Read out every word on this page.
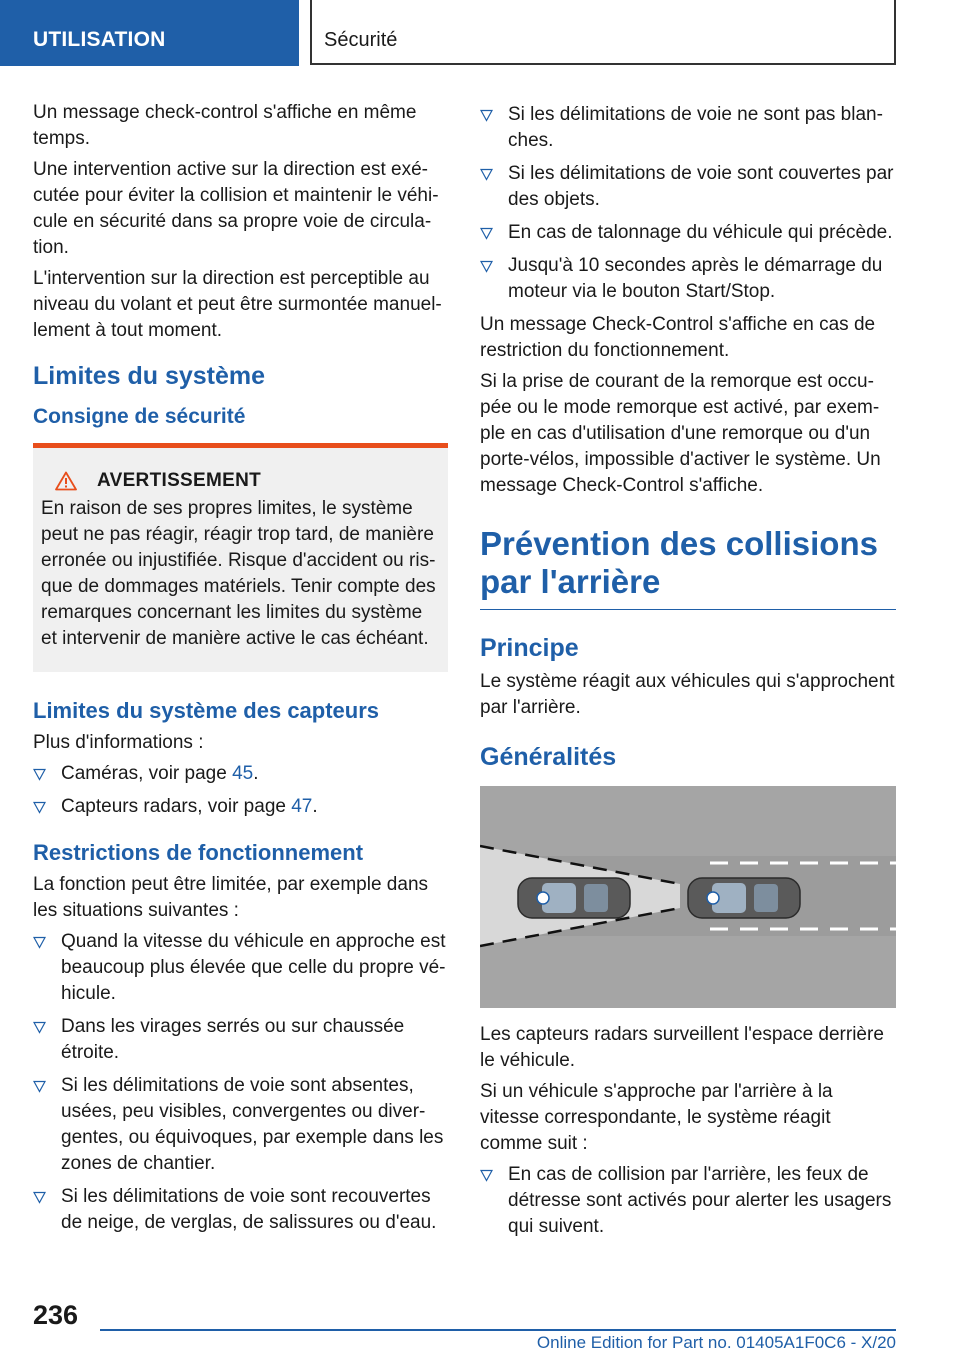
UTILISATION	Sécurité

Un message check-control s'affiche en même temps.

Une intervention active sur la direction est exé-cutée pour éviter la collision et maintenir le véhi-cule en sécurité dans sa propre voie de circula-tion.

L'intervention sur la direction est perceptible au niveau du volant et peut être surmontée manuel-lement à tout moment.

Limites du système
Consigne de sécurité
AVERTISSEMENT

En raison de ses propres limites, le système peut ne pas réagir, réagir trop tard, de manière erronée ou injustifiée. Risque d'accident ou ris-que de dommages matériels. Tenir compte des remarques concernant les limites du système et intervenir de manière active le cas échéant.

Limites du système des capteurs

Plus d'informations :

Caméras, voir page 45.
Capteurs radars, voir page 47.
Restrictions de fonctionnement

La fonction peut être limitée, par exemple dans les situations suivantes :

Quand la vitesse du véhicule en approche est beaucoup plus élevée que celle du propre vé-hicule.
Dans les virages serrés ou sur chaussée étroite.
Si les délimitations de voie sont absentes, usées, peu visibles, convergentes ou diver-gentes, ou équivoques, par exemple dans les zones de chantier.
Si les délimitations de voie sont recouvertes de neige, de verglas, de salissures ou d'eau.
Si les délimitations de voie ne sont pas blan-ches.
Si les délimitations de voie sont couvertes par des objets.
En cas de talonnage du véhicule qui précède.
Jusqu'à 10 secondes après le démarrage du moteur via le bouton Start/Stop.

Un message Check-Control s'affiche en cas de restriction du fonctionnement.

Si la prise de courant de la remorque est occu-pée ou le mode remorque est activé, par exem-ple en cas d'utilisation d'une remorque ou d'un porte-vélos, impossible d'activer le système. Un message Check-Control s'affiche.

Prévention des collisions
par l'arrière
Principe

Le système réagit aux véhicules qui s'approchent par l'arrière.

Généralités

Les capteurs radars surveillent l'espace derrière le véhicule.

Si un véhicule s'approche par l'arrière à la vitesse correspondante, le système réagit comme suit :

En cas de collision par l'arrière, les feux de détresse sont activés pour alerter les usagers qui suivent.
236
Online Edition for Part no. 01405A1F0C6 - X/20
